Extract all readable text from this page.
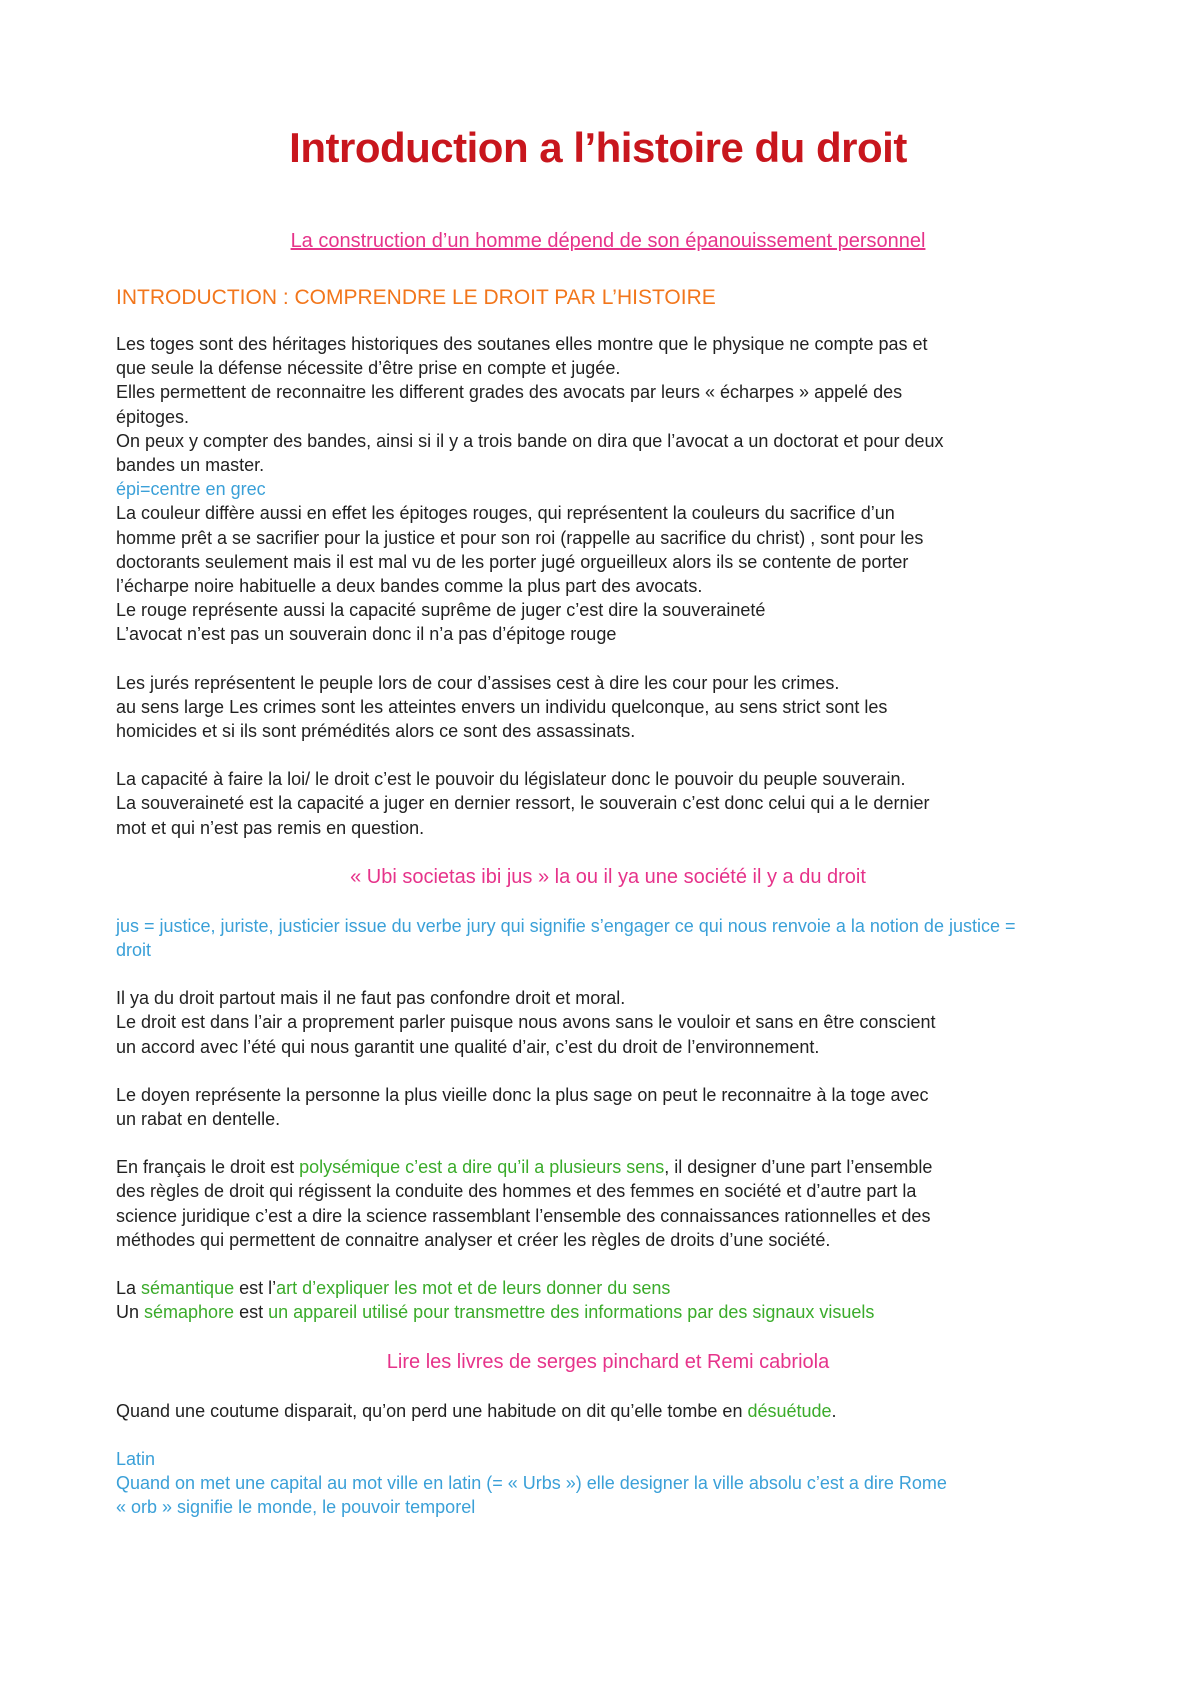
Introduction a l’histoire du droit
La construction d’un homme dépend de son épanouissement personnel
INTRODUCTION : COMPRENDRE LE DROIT PAR L’HISTOIRE

Les toges sont des héritages historiques des soutanes elles montre que le physique ne compte pas et

que seule la défense nécessite d’être prise en compte et jugée.

Elles permettent de reconnaitre les different grades des avocats par leurs « écharpes » appelé des

épitoges.

On peux y compter des bandes, ainsi si il y a trois bande on dira que l’avocat a un doctorat et pour deux

bandes un master.

épi=centre en grec

La couleur diffère aussi en effet les épitoges rouges, qui représentent la couleurs du sacrifice d’un

homme prêt a se sacrifier pour la justice et pour son roi (rappelle au sacrifice du christ) , sont pour les

doctorants seulement mais il est mal vu de les porter jugé orgueilleux alors ils se contente de porter

l’écharpe noire habituelle a deux bandes comme la plus part des avocats.

Le rouge représente aussi la capacité suprême de juger c’est dire la souveraineté

L’avocat n’est pas un souverain donc il n’a pas d’épitoge rouge

Les jurés représentent le peuple lors de cour d’assises cest à dire les cour pour les crimes.

au sens large Les crimes sont les atteintes envers un individu quelconque, au sens strict sont les

homicides et si ils sont prémédités alors ce sont des assassinats.

La capacité à faire la loi/ le droit c’est le pouvoir du législateur donc le pouvoir du peuple souverain.

La souveraineté est la capacité a juger en dernier ressort, le souverain c’est donc celui qui a le dernier

mot et qui n’est pas remis en question.

« Ubi societas ibi jus » la ou il ya une société il y a du droit

jus = justice, juriste, justicier issue du verbe jury qui signifie s’engager ce qui nous renvoie a la notion de justice =

droit

Il ya du droit partout mais il ne faut pas confondre droit et moral.

Le droit est dans l’air a proprement parler puisque nous avons sans le vouloir et sans en être conscient

un accord avec l’été qui nous garantit une qualité d’air, c’est du droit de l’environnement.

Le doyen représente la personne la plus vieille donc la plus sage on peut le reconnaitre à la toge avec

un rabat en dentelle.

En français le droit est polysémique c’est a dire qu’il a plusieurs sens, il designer d’une part l’ensemble

des règles de droit qui régissent la conduite des hommes et des femmes en société et d’autre part la

science juridique c’est a dire la science rassemblant l’ensemble des connaissances rationnelles et des

méthodes qui permettent de connaitre analyser et créer les règles de droits d’une société.

La sémantique est l’art d’expliquer les mot et de leurs donner du sens

Un sémaphore est un appareil utilisé pour transmettre des informations par des signaux visuels

Lire les livres de serges pinchard et Remi cabriola

Quand une coutume disparait, qu’on perd une habitude on dit qu’elle tombe en désuétude.

Latin

Quand on met une capital au mot ville en latin (= « Urbs ») elle designer la ville absolu c’est a dire Rome

« orb » signifie le monde, le pouvoir temporel
